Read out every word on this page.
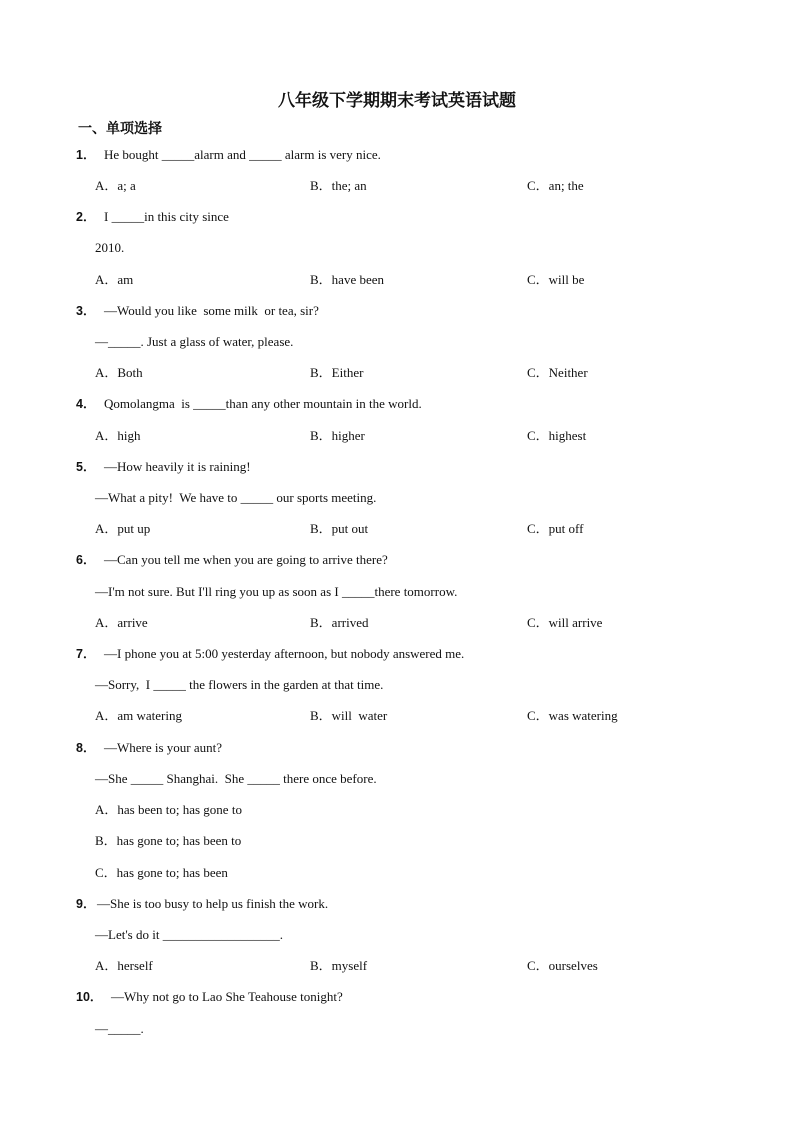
八年级下学期期末考试英语试题
一、单项选择
1． He bought _____alarm and _____ alarm is very nice.
A．a; a	B．the; an	C．an; the
2． I _____in this city since
2010.
A．am	B．have been	C．will be
3． —Would you like  some milk  or tea, sir?
—_____. Just a glass of water, please.
A．Both	B．Either	C．Neither
4． Qomolangma  is _____than any other mountain in the world.
A．high	B．higher	C．highest
5． —How heavily it is raining!
—What a pity!  We have to _____ our sports meeting.
A．put up	B．put out	C．put off
6． —Can you tell me when you are going to arrive there?
—I'm not sure. But I'll ring you up as soon as I _____there tomorrow.
A．arrive	B．arrived	C．will arrive
7． —I phone you at 5:00 yesterday afternoon, but nobody answered me.
—Sorry,  I _____ the flowers in the garden at that time.
A．am watering	B．will  water	C．was watering
8． —Where is your aunt?
—She _____ Shanghai.  She _____ there once before.
A．has been to; has gone to
B．has gone to; has been to
C．has gone to; has been
9． —She is too busy to help us finish the work.
—Let's do it __________________.
A．herself	B．myself	C．ourselves
10． —Why not go to Lao She Teahouse tonight?
—_____.
